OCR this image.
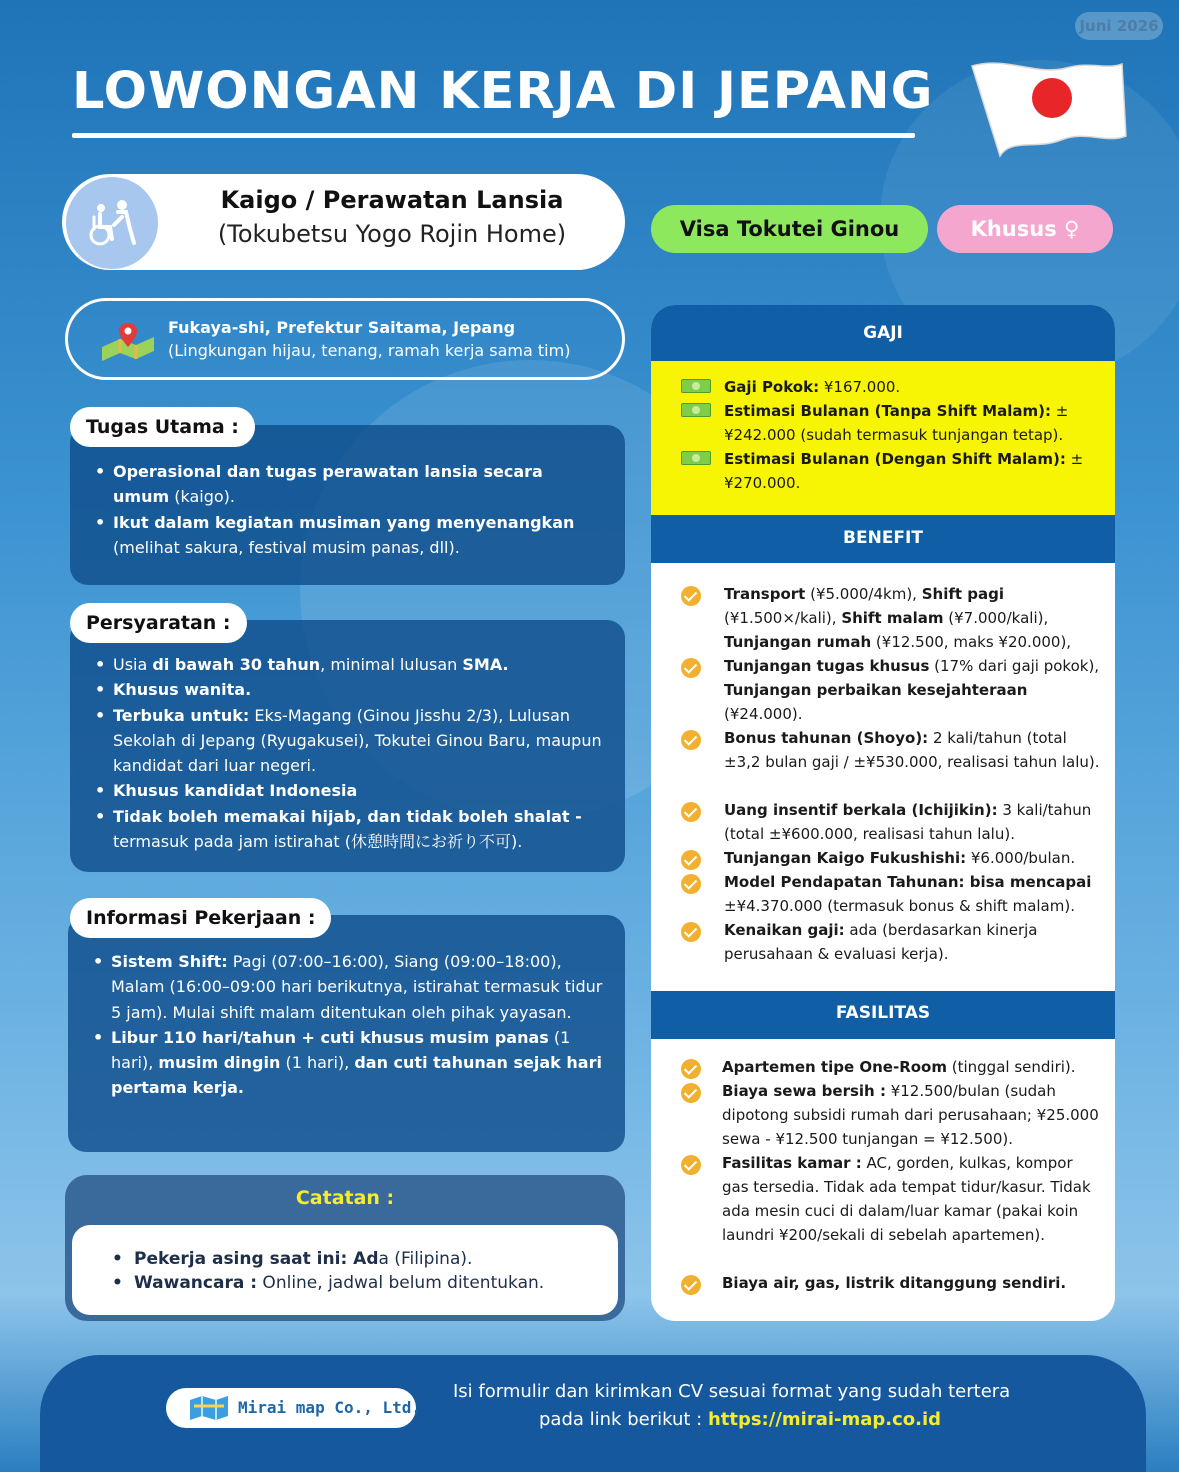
Juni 2026
LOWONGAN KERJA DI JEPANG
Kaigo / Perawatan Lansia
(Tokubetsu Yogo Rojin Home)	Visa Tokutei Ginou	Khusus ♀
Fukaya-shi, Prefektur Saitama, Jepang
(Lingkungan hijau, tenang, ramah kerja sama tim)
• Operasional dan tugas perawatan lansia secara umum (kaigo).
• Ikut dalam kegiatan musiman yang menyenangkan (melihat sakura, festival musim panas, dll).
Tugas Utama :
• Usia di bawah 30 tahun, minimal lulusan SMA.
• Khusus wanita.
• Terbuka untuk: Eks-Magang (Ginou Jisshu 2/3), Lulusan Sekolah di Jepang (Ryugakusei), Tokutei Ginou Baru, maupun kandidat dari luar negeri.
• Khusus kandidat Indonesia
• Tidak boleh memakai hijab, dan tidak boleh shalat - termasuk pada jam istirahat (休憩時間にお祈り不可).
Persyaratan :
• Sistem Shift: Pagi (07:00–16:00), Siang (09:00–18:00), Malam (16:00–09:00 hari berikutnya, istirahat termasuk tidur 5 jam). Mulai shift malam ditentukan oleh pihak yayasan.
• Libur 110 hari/tahun + cuti khusus musim panas (1 hari), musim dingin (1 hari), dan cuti tahunan sejak hari pertama kerja.
Informasi Pekerjaan :
Catatan :
• Pekerja asing saat ini: Ada (Filipina).
• Wawancara : Online, jadwal belum ditentukan.
GAJI
Gaji Pokok: ¥167.000.
Estimasi Bulanan (Tanpa Shift Malam): ± ¥242.000 (sudah termasuk tunjangan tetap).
Estimasi Bulanan (Dengan Shift Malam): ± ¥270.000.
BENEFIT
Transport (¥5.000/4km), Shift pagi (¥1.500×/kali), Shift malam (¥7.000/kali), Tunjangan rumah (¥12.500, maks ¥20.000),
Tunjangan tugas khusus (17% dari gaji pokok), Tunjangan perbaikan kesejahteraan (¥24.000).
Bonus tahunan (Shoyo): 2 kali/tahun (total ±3,2 bulan gaji / ±¥530.000, realisasi tahun lalu).
Uang insentif berkala (Ichijikin): 3 kali/tahun (total ±¥600.000, realisasi tahun lalu).
Tunjangan Kaigo Fukushishi: ¥6.000/bulan.
Model Pendapatan Tahunan: bisa mencapai ±¥4.370.000 (termasuk bonus & shift malam).
Kenaikan gaji: ada (berdasarkan kinerja perusahaan & evaluasi kerja).
FASILITAS
Apartemen tipe One-Room (tinggal sendiri).
Biaya sewa bersih : ¥12.500/bulan (sudah dipotong subsidi rumah dari perusahaan; ¥25.000 sewa - ¥12.500 tunjangan = ¥12.500).
Fasilitas kamar : AC, gorden, kulkas, kompor gas tersedia. Tidak ada tempat tidur/kasur. Tidak ada mesin cuci di dalam/luar kamar (pakai koin laundri ¥200/sekali di sebelah apartemen).
Biaya air, gas, listrik ditanggung sendiri.
Mirai map Co., Ltd.
Isi formulir dan kirimkan CV sesuai format yang sudah tertera
pada link berikut : https://mirai-map.co.id
